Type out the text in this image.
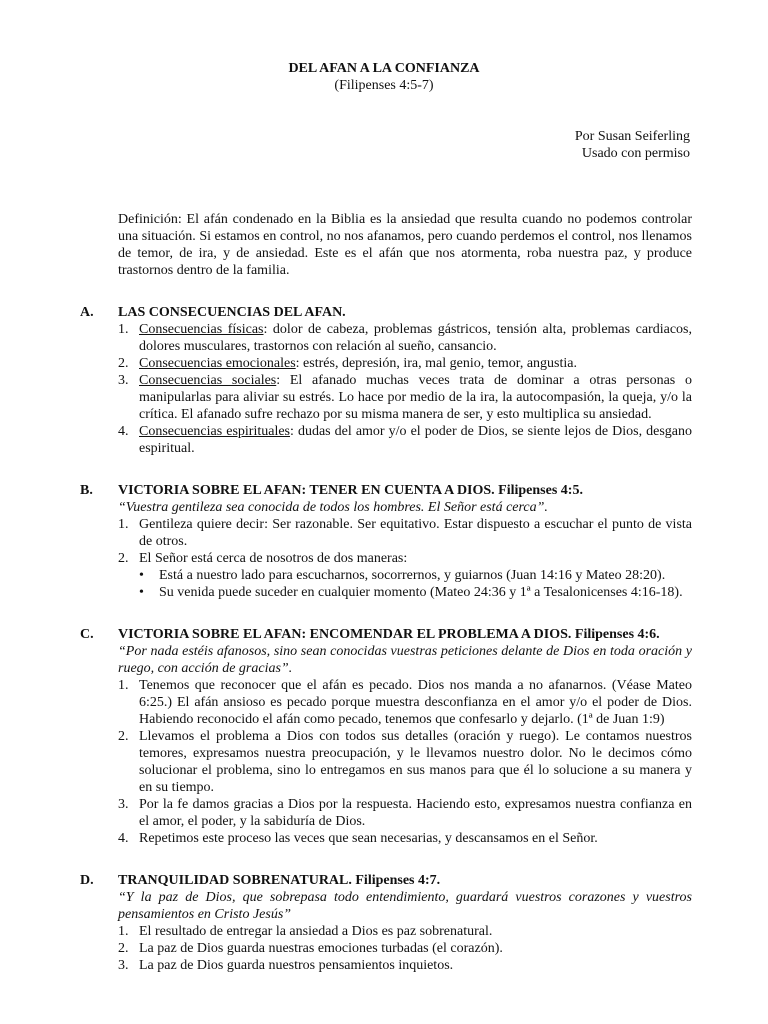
DEL AFAN A LA CONFIANZA
(Filipenses 4:5-7)
Por Susan Seiferling
Usado con permiso

Definición: El afán condenado en la Biblia es la ansiedad que resulta cuando no podemos controlar una situación. Si estamos en control, no nos afanamos, pero cuando perdemos el control, nos llenamos de temor, de ira, y de ansiedad. Este es el afán que nos atormenta, roba nuestra paz, y produce trastornos dentro de la familia.

A.	LAS CONSECUENCIAS DEL AFAN.
1. Consecuencias físicas: dolor de cabeza, problemas gástricos, tensión alta, problemas cardiacos, dolores musculares, trastornos con relación al sueño, cansancio.
2. Consecuencias emocionales: estrés, depresión, ira, mal genio, temor, angustia.
3. Consecuencias sociales: El afanado muchas veces trata de dominar a otras personas o manipularlas para aliviar su estrés. Lo hace por medio de la ira, la autocompasión, la queja, y/o la crítica. El afanado sufre rechazo por su misma manera de ser, y esto multiplica su ansiedad.
4. Consecuencias espirituales: dudas del amor y/o el poder de Dios, se siente lejos de Dios, desgano espiritual.
B.	VICTORIA SOBRE EL AFAN: TENER EN CUENTA A DIOS. Filipenses 4:5.
“Vuestra gentileza sea conocida de todos los hombres. El Señor está cerca”.
1. Gentileza quiere decir: Ser razonable. Ser equitativo. Estar dispuesto a escuchar el punto de vista de otros.
2. El Señor está cerca de nosotros de dos maneras:
•	Está a nuestro lado para escucharnos, socorrernos, y guiarnos (Juan 14:16 y Mateo 28:20).
•	Su venida puede suceder en cualquier momento (Mateo 24:36 y 1ª a Tesalonicenses 4:16-18).
C.	VICTORIA SOBRE EL AFAN: ENCOMENDAR EL PROBLEMA A DIOS. Filipenses 4:6.
“Por nada estéis afanosos, sino sean conocidas vuestras peticiones delante de Dios en toda oración y ruego, con acción de gracias”.
1. Tenemos que reconocer que el afán es pecado. Dios nos manda a no afanarnos. (Véase Mateo 6:25.) El afán ansioso es pecado porque muestra desconfianza en el amor y/o el poder de Dios. Habiendo reconocido el afán como pecado, tenemos que confesarlo y dejarlo. (1ª de Juan 1:9)
2. Llevamos el problema a Dios con todos sus detalles (oración y ruego). Le contamos nuestros temores, expresamos nuestra preocupación, y le llevamos nuestro dolor. No le decimos cómo solucionar el problema, sino lo entregamos en sus manos para que él lo solucione a su manera y en su tiempo.
3. Por la fe damos gracias a Dios por la respuesta. Haciendo esto, expresamos nuestra confianza en el amor, el poder, y la sabiduría de Dios.
4. Repetimos este proceso las veces que sean necesarias, y descansamos en el Señor.
D.	TRANQUILIDAD SOBRENATURAL. Filipenses 4:7.
“Y la paz de Dios, que sobrepasa todo entendimiento, guardará vuestros corazones y vuestros pensamientos en Cristo Jesús”
1. El resultado de entregar la ansiedad a Dios es paz sobrenatural.
2. La paz de Dios guarda nuestras emociones turbadas (el corazón).
3. La paz de Dios guarda nuestros pensamientos inquietos.
